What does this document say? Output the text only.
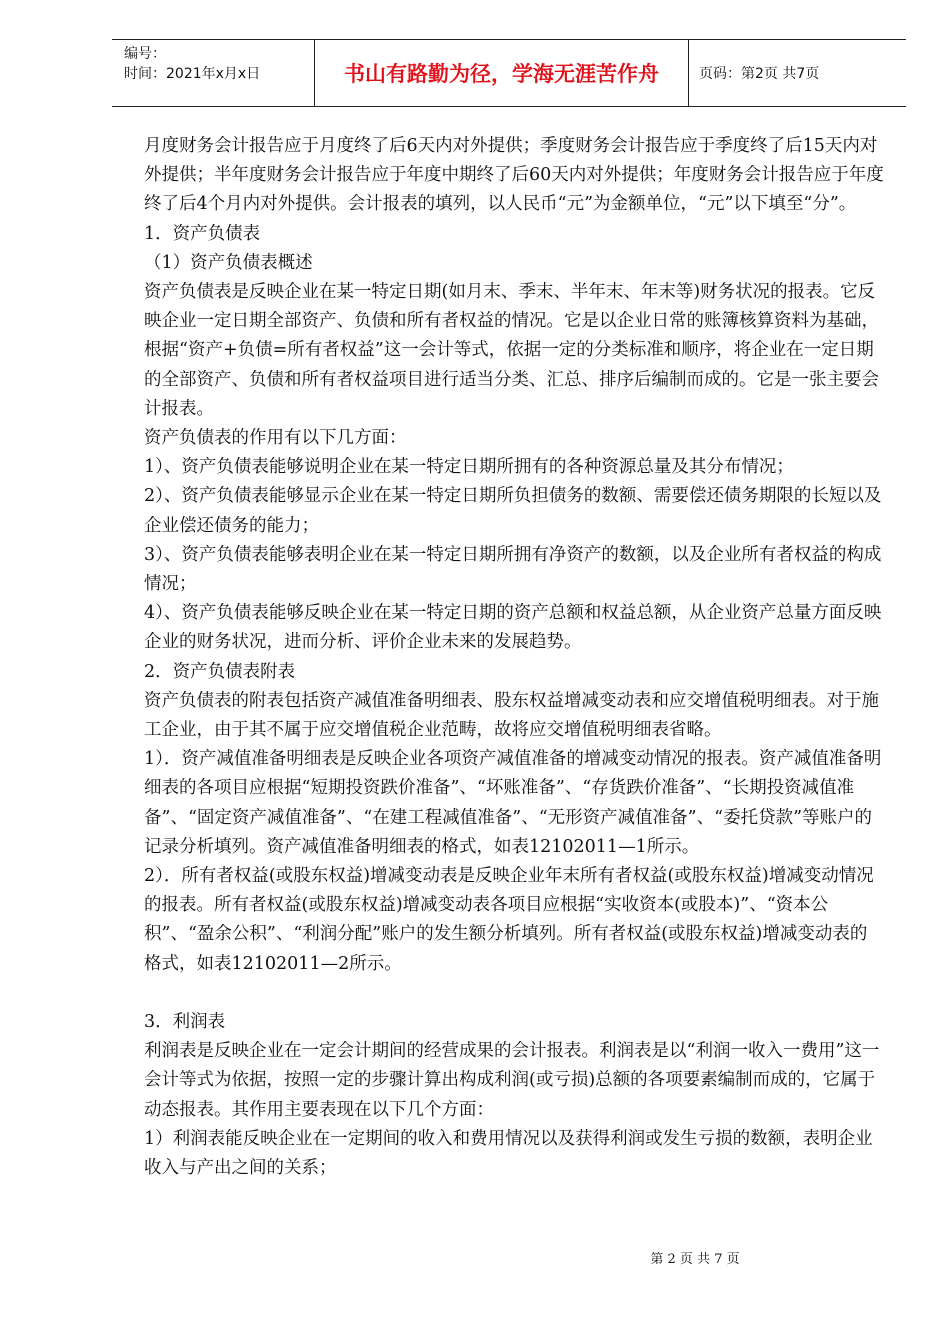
编号：
时间：2021年x月x日	书山有路勤为径，学海无涯苦作舟	页码：第2页 共7页

月度财务会计报告应于月度终了后6天内对外提供；季度财务会计报告应于季度终了后15天内对外提供；半年度财务会计报告应于年度中期终了后60天内对外提供；年度财务会计报告应于年度终了后4个月内对外提供。会计报表的填列，以人民币“元”为金额单位，“元”以下填至“分”。

1．资产负债表

（1）资产负债表概述

资产负债表是反映企业在某一特定日期(如月末、季末、半年末、年末等)财务状况的报表。它反映企业一定日期全部资产、负债和所有者权益的情况。它是以企业日常的账簿核算资料为基础，根据“资产+负债=所有者权益”这一会计等式，依据一定的分类标准和顺序，将企业在一定日期的全部资产、负债和所有者权益项目进行适当分类、汇总、排序后编制而成的。它是一张主要会计报表。

资产负债表的作用有以下几方面：

1）、资产负债表能够说明企业在某一特定日期所拥有的各种资源总量及其分布情况；

2）、资产负债表能够显示企业在某一特定日期所负担债务的数额、需要偿还债务期限的长短以及企业偿还债务的能力；

3）、资产负债表能够表明企业在某一特定日期所拥有净资产的数额，以及企业所有者权益的构成情况；

4）、资产负债表能够反映企业在某一特定日期的资产总额和权益总额，从企业资产总量方面反映企业的财务状况，进而分析、评价企业未来的发展趋势。

2．资产负债表附表

资产负债表的附表包括资产减值准备明细表、股东权益增减变动表和应交增值税明细表。对于施工企业，由于其不属于应交增值税企业范畴，故将应交增值税明细表省略。

1）．资产减值准备明细表是反映企业各项资产减值准备的增减变动情况的报表。资产减值准备明细表的各项目应根据“短期投资跌价准备”、“坏账准备”、“存货跌价准备”、“长期投资减值准备”、“固定资产减值准备”、“在建工程减值准备”、“无形资产减值准备”、“委托贷款”等账户的记录分析填列。资产减值准备明细表的格式，如表12102011—1所示。

2）．所有者权益(或股东权益)增减变动表是反映企业年末所有者权益(或股东权益)增减变动情况的报表。所有者权益(或股东权益)增减变动表各项目应根据“实收资本(或股本)”、“资本公积”、“盈余公积”、“利润分配”账户的发生额分析填列。所有者权益(或股东权益)增减变动表的格式，如表12102011—2所示。

3．利润表

利润表是反映企业在一定会计期间的经营成果的会计报表。利润表是以“利润一收入一费用”这一会计等式为依据，按照一定的步骤计算出构成利润(或亏损)总额的各项要素编制而成的，它属于动态报表。其作用主要表现在以下几个方面：

1）利润表能反映企业在一定期间的收入和费用情况以及获得利润或发生亏损的数额，表明企业收入与产出之间的关系；

第 2 页 共 7 页
